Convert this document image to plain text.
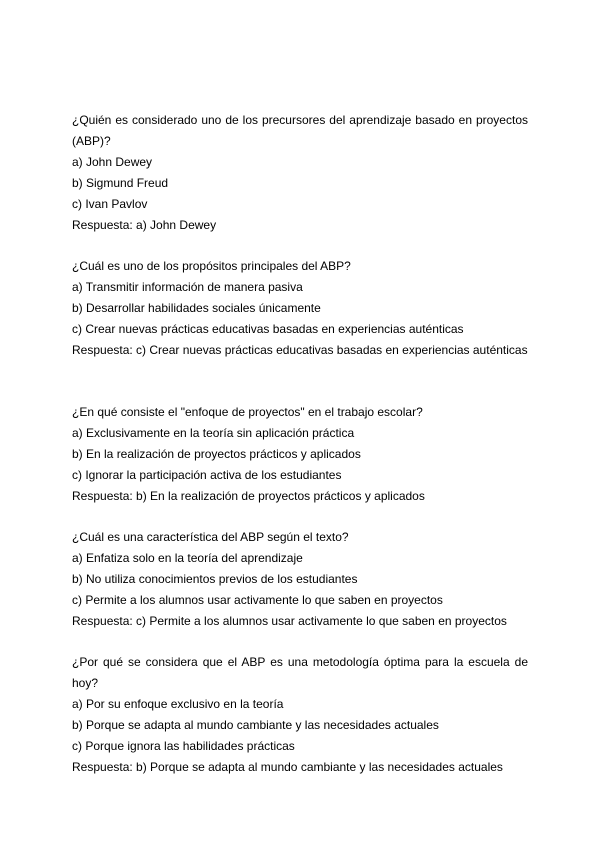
¿Quién es considerado uno de los precursores del aprendizaje basado en proyectos (ABP)?

a) John Dewey

b) Sigmund Freud

c) Ivan Pavlov

Respuesta: a) John Dewey

¿Cuál es uno de los propósitos principales del ABP?

a) Transmitir información de manera pasiva

b) Desarrollar habilidades sociales únicamente

c) Crear nuevas prácticas educativas basadas en experiencias auténticas

Respuesta: c) Crear nuevas prácticas educativas basadas en experiencias auténticas

¿En qué consiste el "enfoque de proyectos" en el trabajo escolar?

a) Exclusivamente en la teoría sin aplicación práctica

b) En la realización de proyectos prácticos y aplicados

c) Ignorar la participación activa de los estudiantes

Respuesta: b) En la realización de proyectos prácticos y aplicados

¿Cuál es una característica del ABP según el texto?

a) Enfatiza solo en la teoría del aprendizaje

b) No utiliza conocimientos previos de los estudiantes

c) Permite a los alumnos usar activamente lo que saben en proyectos

Respuesta: c) Permite a los alumnos usar activamente lo que saben en proyectos

¿Por qué se considera que el ABP es una metodología óptima para la escuela de hoy?

a) Por su enfoque exclusivo en la teoría

b) Porque se adapta al mundo cambiante y las necesidades actuales

c) Porque ignora las habilidades prácticas

Respuesta: b) Porque se adapta al mundo cambiante y las necesidades actuales
